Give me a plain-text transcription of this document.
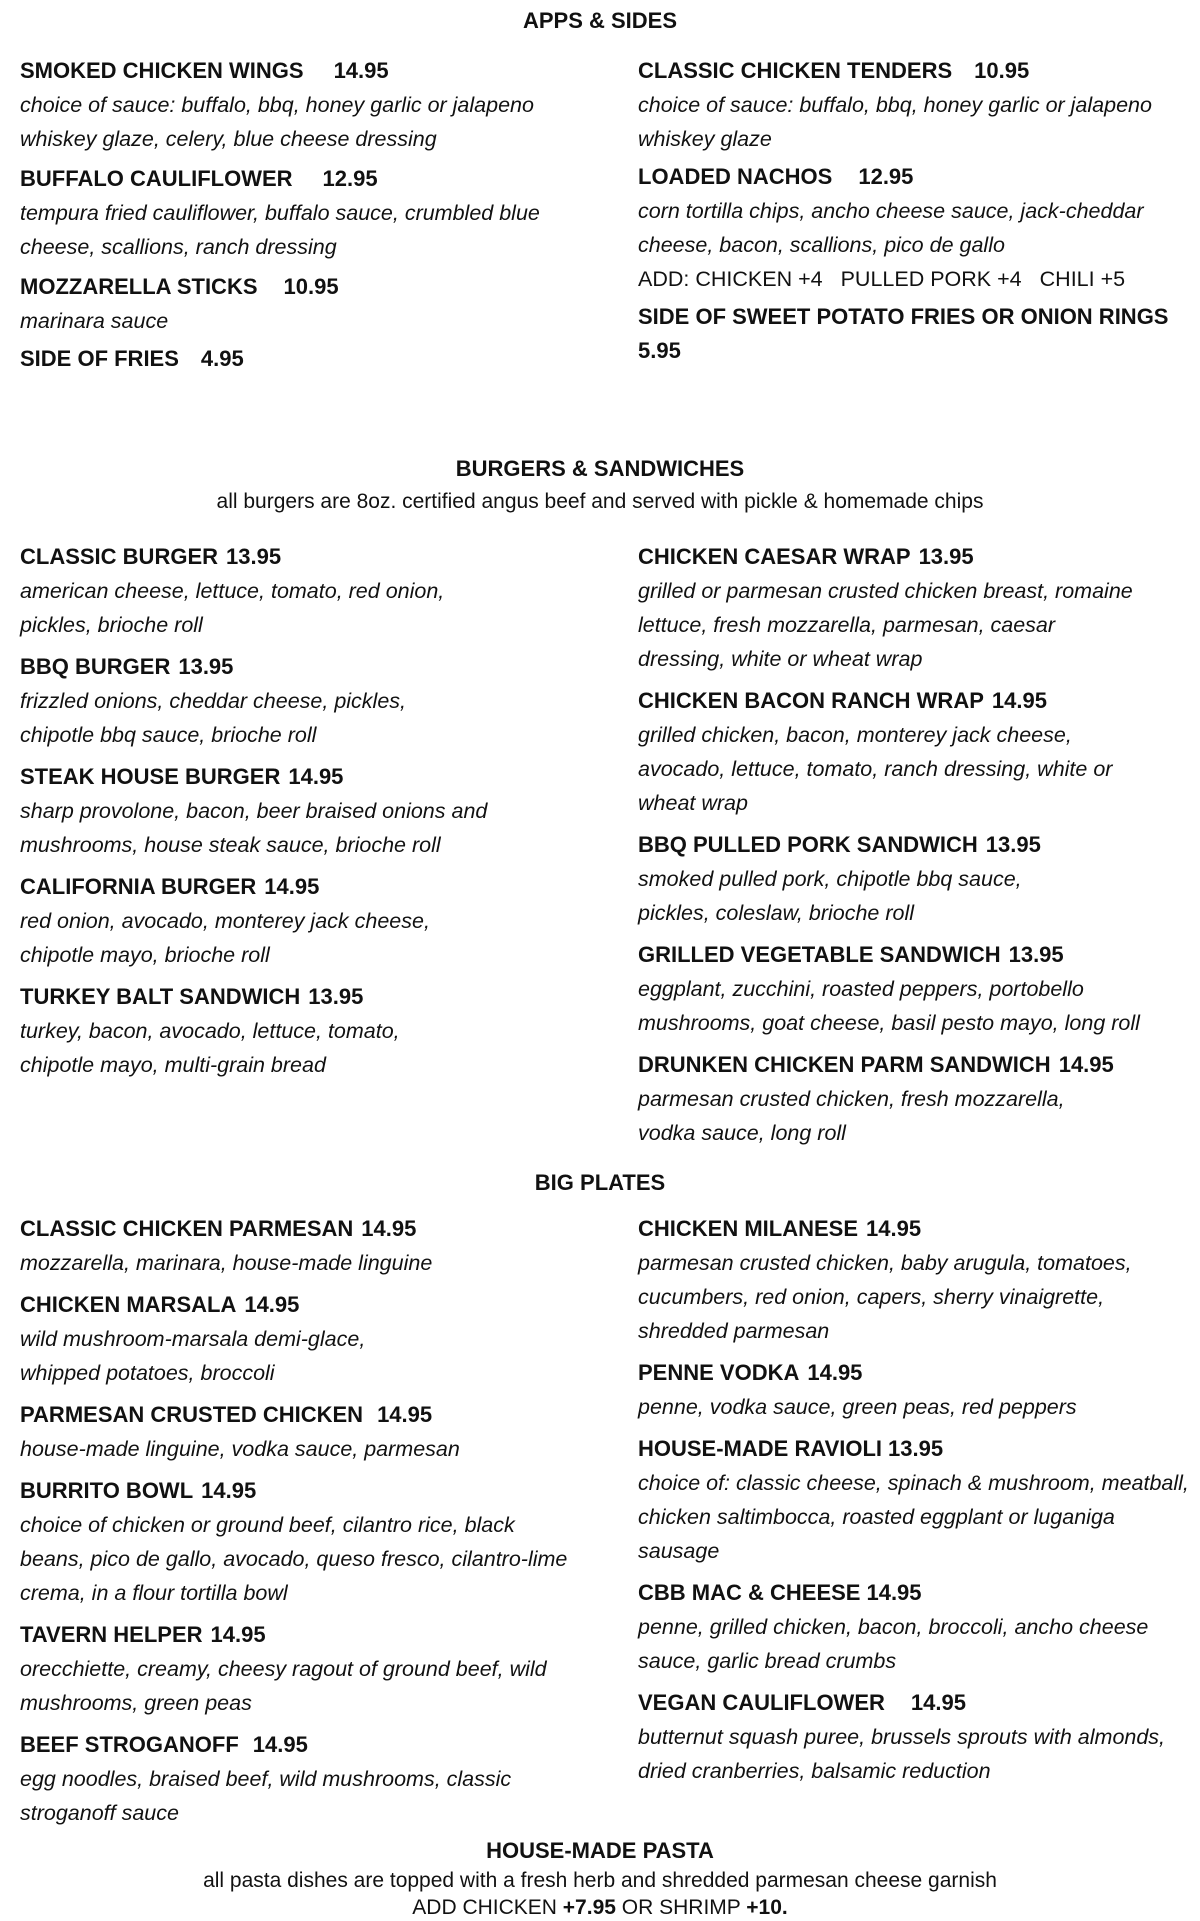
APPS & SIDES
SMOKED CHICKEN WINGS 14.95
choice of sauce: buffalo, bbq, honey garlic or jalapeno whiskey glaze, celery, blue cheese dressing
BUFFALO CAULIFLOWER 12.95
tempura fried cauliflower, buffalo sauce, crumbled blue cheese, scallions, ranch dressing
MOZZARELLA STICKS 10.95
marinara sauce
SIDE OF FRIES 4.95
CLASSIC CHICKEN TENDERS 10.95
choice of sauce: buffalo, bbq, honey garlic or jalapeno whiskey glaze
LOADED NACHOS 12.95
corn tortilla chips, ancho cheese sauce, jack-cheddar cheese, bacon, scallions, pico de gallo
ADD: CHICKEN +4 PULLED PORK +4 CHILI +5
SIDE OF SWEET POTATO FRIES OR ONION RINGS
5.95
BURGERS & SANDWICHES
all burgers are 8oz. certified angus beef and served with pickle & homemade chips
CLASSIC BURGER 13.95
american cheese, lettuce, tomato, red onion, pickles, brioche roll
BBQ BURGER 13.95
frizzled onions, cheddar cheese, pickles, chipotle bbq sauce, brioche roll
STEAK HOUSE BURGER 14.95
sharp provolone, bacon, beer braised onions and mushrooms, house steak sauce, brioche roll
CALIFORNIA BURGER 14.95
red onion, avocado, monterey jack cheese, chipotle mayo, brioche roll
TURKEY BALT SANDWICH 13.95
turkey, bacon, avocado, lettuce, tomato, chipotle mayo, multi-grain bread
CHICKEN CAESAR WRAP 13.95
grilled or parmesan crusted chicken breast, romaine lettuce, fresh mozzarella, parmesan, caesar dressing, white or wheat wrap
CHICKEN BACON RANCH WRAP 14.95
grilled chicken, bacon, monterey jack cheese, avocado, lettuce, tomato, ranch dressing, white or wheat wrap
BBQ PULLED PORK SANDWICH 13.95
smoked pulled pork, chipotle bbq sauce, pickles, coleslaw, brioche roll
GRILLED VEGETABLE SANDWICH 13.95
eggplant, zucchini, roasted peppers, portobello mushrooms, goat cheese, basil pesto mayo, long roll
DRUNKEN CHICKEN PARM SANDWICH 14.95
parmesan crusted chicken, fresh mozzarella, vodka sauce, long roll
BIG PLATES
CLASSIC CHICKEN PARMESAN 14.95
mozzarella, marinara, house-made linguine
CHICKEN MARSALA 14.95
wild mushroom-marsala demi-glace, whipped potatoes, broccoli
PARMESAN CRUSTED CHICKEN 14.95
house-made linguine, vodka sauce, parmesan
BURRITO BOWL 14.95
choice of chicken or ground beef, cilantro rice, black beans, pico de gallo, avocado, queso fresco, cilantro-lime crema, in a flour tortilla bowl
TAVERN HELPER 14.95
orecchiette, creamy, cheesy ragout of ground beef, wild mushrooms, green peas
BEEF STROGANOFF 14.95
egg noodles, braised beef, wild mushrooms, classic stroganoff sauce
CHICKEN MILANESE 14.95
parmesan crusted chicken, baby arugula, tomatoes, cucumbers, red onion, capers, sherry vinaigrette, shredded parmesan
PENNE VODKA 14.95
penne, vodka sauce, green peas, red peppers
HOUSE-MADE RAVIOLI 13.95
choice of: classic cheese, spinach & mushroom, meatball, chicken saltimbocca, roasted eggplant or luganiga sausage
CBB MAC & CHEESE 14.95
penne, grilled chicken, bacon, broccoli, ancho cheese sauce, garlic bread crumbs
VEGAN CAULIFLOWER 14.95
butternut squash puree, brussels sprouts with almonds, dried cranberries, balsamic reduction
HOUSE-MADE PASTA
all pasta dishes are topped with a fresh herb and shredded parmesan cheese garnish
ADD CHICKEN +7.95 OR SHRIMP +10.
